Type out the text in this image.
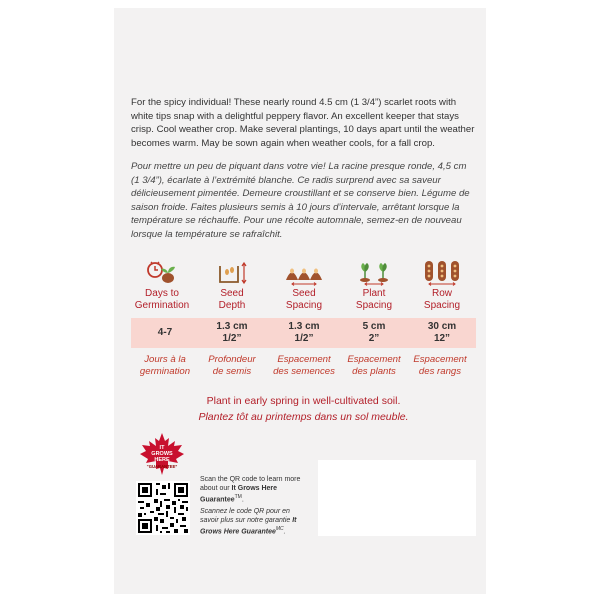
For the spicy individual! These nearly round 4.5 cm (1 3/4”) scarlet roots with white tips snap with a delightful peppery flavor. An excellent keeper that stays crisp. Cool weather crop. Make several plantings, 10 days apart until the weather becomes warm. May be sown again when weather cools, for a fall crop.

Pour mettre un peu de piquant dans votre vie! La racine presque ronde, 4,5 cm (1 3/4”), écarlate à l’extrémité blanche. Ce radis surprend avec sa saveur délicieusement pimentée. Demeure croustillant et se conserve bien. Légume de saison froide. Faites plusieurs semis à 10 jours d’intervale, arrêtant lorsque la température se réchauffe. Pour une récolte automnale, semez-en de nouveau lorsque la température se rafraîchit.

Days to
Germination
Seed
Depth
Seed
Spacing
Plant
Spacing
Row
Spacing
4-7
1.3 cm
1/2”
1.3 cm
1/2”
5 cm
2”
30 cm
12”
Jours à la
germination
Profondeur
de semis
Espacement
des semences
Espacement
des plants
Espacement
des rangs
Plant in early spring in well-cultivated soil.
Plantez tôt au printemps dans un sol meuble.
IT
GROWS
HERE
“GUARANTEE”
Scan the QR code to learn more about our It Grows Here Guarantee™.
Scannez le code QR pour en savoir plus sur notre garantie It Grows Here Guarantee$^{MC}$.
